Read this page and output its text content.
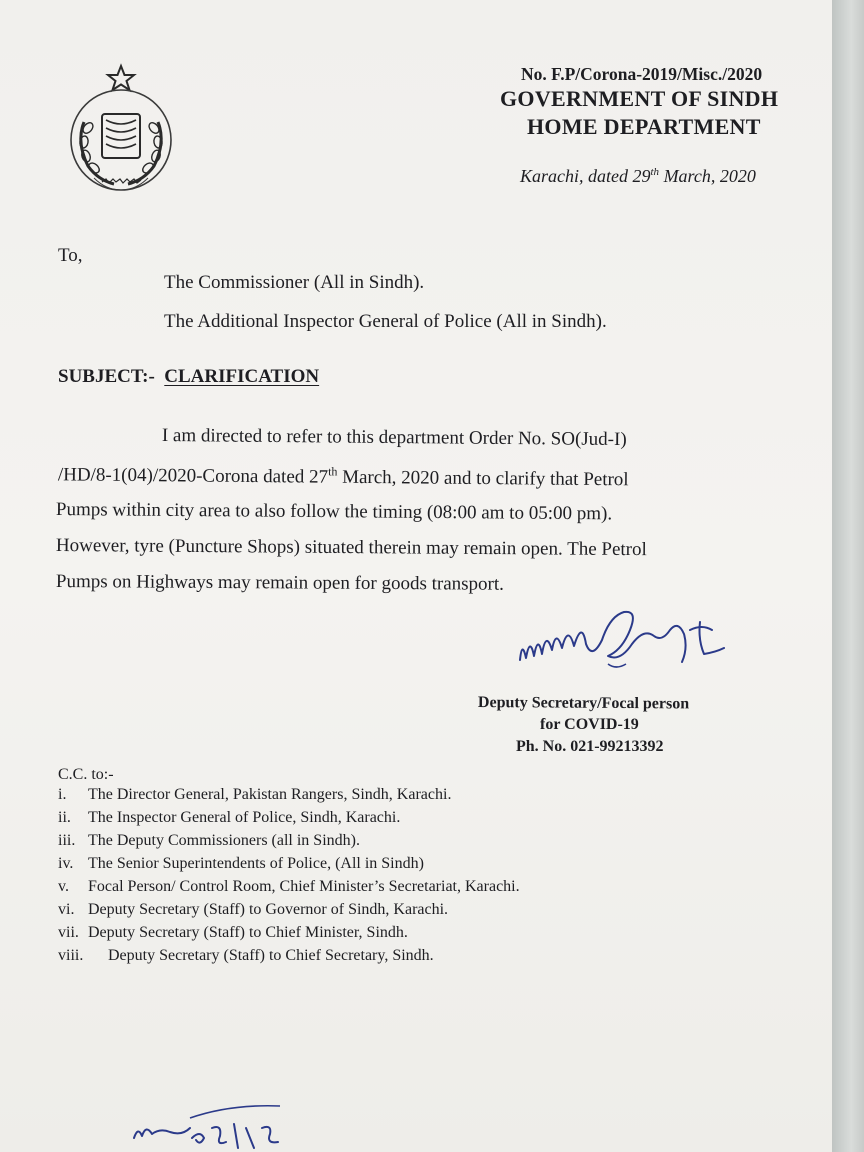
No. F.P/Corona-2019/Misc./2020
GOVERNMENT OF SINDH
HOME DEPARTMENT
Karachi, dated 29th March, 2020
To,
The Commissioner (All in Sindh).
The Additional Inspector General of Police (All in Sindh).
SUBJECT:- CLARIFICATION
I am directed to refer to this department Order No. SO(Jud-I)
/HD/8-1(04)/2020-Corona dated 27th March, 2020 and to clarify that Petrol
Pumps within city area to also follow the timing (08:00 am to 05:00 pm).
However, tyre (Puncture Shops) situated therein may remain open. The Petrol
Pumps on Highways may remain open for goods transport.
Deputy Secretary/Focal person
for COVID-19
Ph. No. 021-99213392
C.C. to:-
i.	The Director General, Pakistan Rangers, Sindh, Karachi.
ii.	The Inspector General of Police, Sindh, Karachi.
iii. The Deputy Commissioners (all in Sindh).
iv. The Senior Superintendents of Police, (All in Sindh)
v.	Focal Person/ Control Room, Chief Minister’s Secretariat, Karachi.
vi. Deputy Secretary (Staff) to Governor of Sindh, Karachi.
vii. Deputy Secretary (Staff) to Chief Minister, Sindh.
viii.	Deputy Secretary (Staff) to Chief Secretary, Sindh.
